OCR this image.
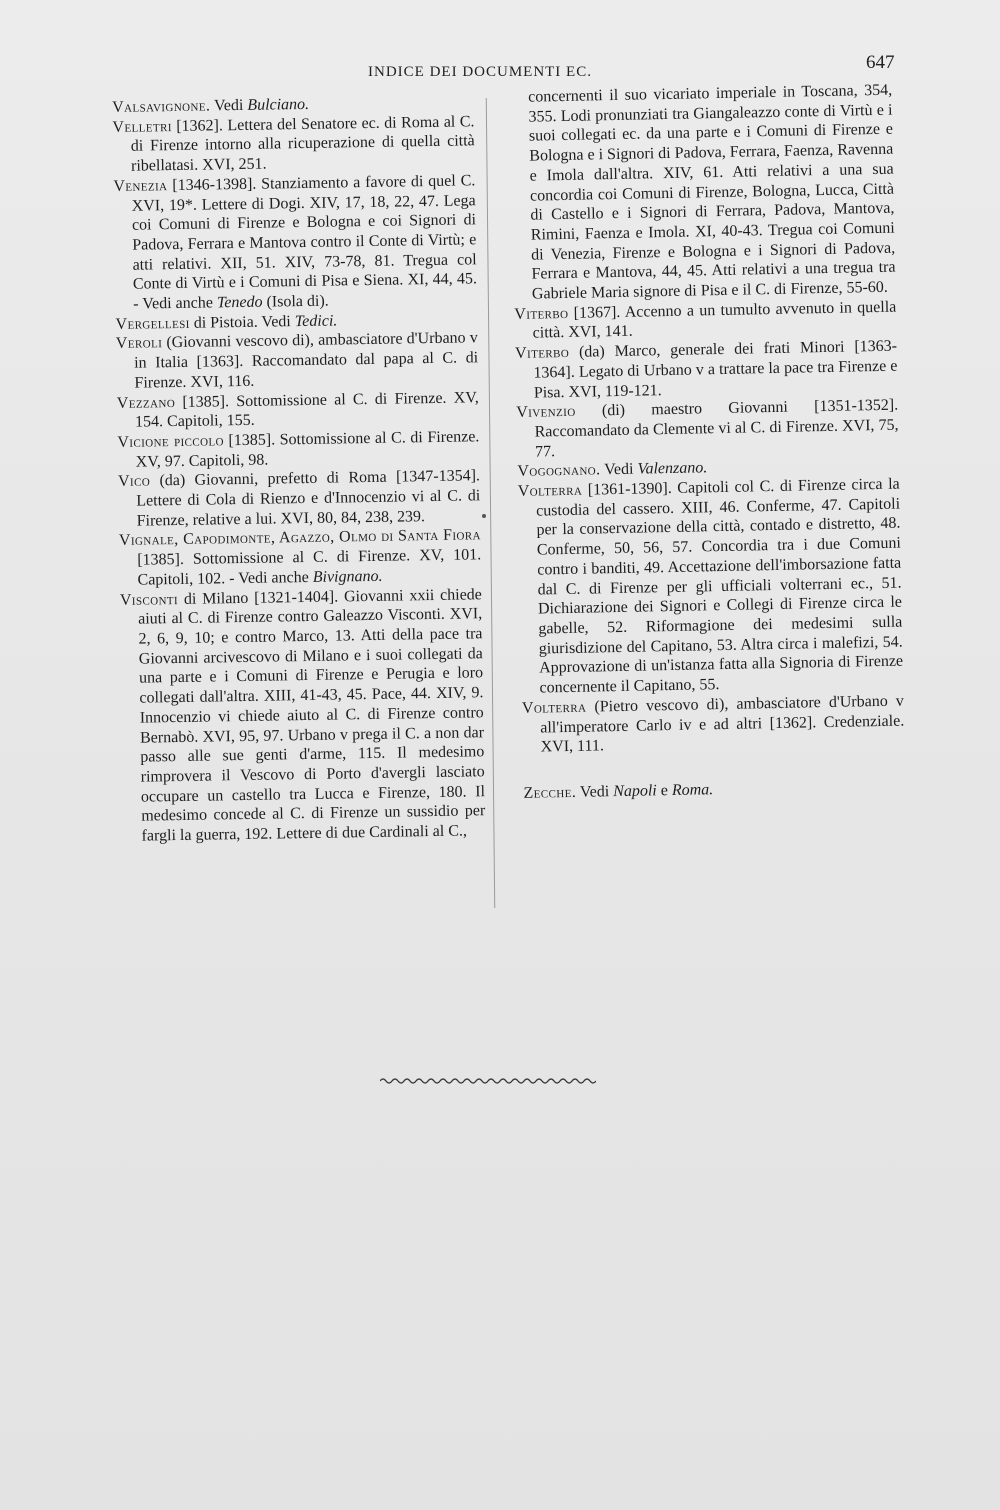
INDICE DEI DOCUMENTI EC.	647

Valsavignone. Vedi Bulciano.

Velletri [1362]. Lettera del Senatore ec. di Roma al C. di Firenze intorno alla ricuperazione di quella città ribellatasi. XVI, 251.

Venezia [1346-1398]. Stanziamento a favore di quel C. XVI, 19*. Lettere di Dogi. XIV, 17, 18, 22, 47. Lega coi Comuni di Firenze e Bologna e coi Signori di Padova, Ferrara e Mantova contro il Conte di Virtù; e atti relativi. XII, 51. XIV, 73-78, 81. Tregua col Conte di Virtù e i Comuni di Pisa e Siena. XI, 44, 45. - Vedi anche Tenedo (Isola di).

Vergellesi di Pistoia. Vedi Tedici.

Veroli (Giovanni vescovo di), ambasciatore d'Urbano v in Italia [1363]. Raccomandato dal papa al C. di Firenze. XVI, 116.

Vezzano [1385]. Sottomissione al C. di Firenze. XV, 154. Capitoli, 155.

Vicione piccolo [1385]. Sottomissione al C. di Firenze. XV, 97. Capitoli, 98.

Vico (da) Giovanni, prefetto di Roma [1347-1354]. Lettere di Cola di Rienzo e d'Innocenzio vi al C. di Firenze, relative a lui. XVI, 80, 84, 238, 239.

Vignale, Capodimonte, Agazzo, Olmo di Santa Fiora [1385]. Sottomissione al C. di Firenze. XV, 101. Capitoli, 102. - Vedi anche Bivignano.

Visconti di Milano [1321-1404]. Giovanni xxii chiede aiuti al C. di Firenze contro Galeazzo Visconti. XVI, 2, 6, 9, 10; e contro Marco, 13. Atti della pace tra Giovanni arcivescovo di Milano e i suoi collegati da una parte e i Comuni di Firenze e Perugia e loro collegati dall'altra. XIII, 41-43, 45. Pace, 44. XIV, 9. Innocenzio vi chiede aiuto al C. di Firenze contro Bernabò. XVI, 95, 97. Urbano v prega il C. a non dar passo alle sue genti d'arme, 115. Il medesimo rimprovera il Vescovo di Porto d'avergli lasciato occupare un castello tra Lucca e Firenze, 180. Il medesimo concede al C. di Firenze un sussidio per fargli la guerra, 192. Lettere di due Cardinali al C.,

concernenti il suo vicariato imperiale in Toscana, 354, 355. Lodi pronunziati tra Giangaleazzo conte di Virtù e i suoi collegati ec. da una parte e i Comuni di Firenze e Bologna e i Signori di Padova, Ferrara, Faenza, Ravenna e Imola dall'altra. XIV, 61. Atti relativi a una sua concordia coi Comuni di Firenze, Bologna, Lucca, Città di Castello e i Signori di Ferrara, Padova, Mantova, Rimini, Faenza e Imola. XI, 40-43. Tregua coi Comuni di Venezia, Firenze e Bologna e i Signori di Padova, Ferrara e Mantova, 44, 45. Atti relativi a una tregua tra Gabriele Maria signore di Pisa e il C. di Firenze, 55-60.

Viterbo [1367]. Accenno a un tumulto avvenuto in quella città. XVI, 141.

Viterbo (da) Marco, generale dei frati Minori [1363-1364]. Legato di Urbano v a trattare la pace tra Firenze e Pisa. XVI, 119-121.

Vivenzio (di) maestro Giovanni [1351-1352]. Raccomandato da Clemente vi al C. di Firenze. XVI, 75, 77.

Vogognano. Vedi Valenzano.

Volterra [1361-1390]. Capitoli col C. di Firenze circa la custodia del cassero. XIII, 46. Conferme, 47. Capitoli per la conservazione della città, contado e distretto, 48. Conferme, 50, 56, 57. Concordia tra i due Comuni contro i banditi, 49. Accettazione dell'imborsazione fatta dal C. di Firenze per gli ufficiali volterrani ec., 51. Dichiarazione dei Signori e Collegi di Firenze circa le gabelle, 52. Riformagione dei medesimi sulla giurisdizione del Capitano, 53. Altra circa i malefizi, 54. Approvazione di un'istanza fatta alla Signoria di Firenze concernente il Capitano, 55.

Volterra (Pietro vescovo di), ambasciatore d'Urbano v all'imperatore Carlo iv e ad altri [1362]. Credenziale. XVI, 111.

Zecche. Vedi Napoli e Roma.
